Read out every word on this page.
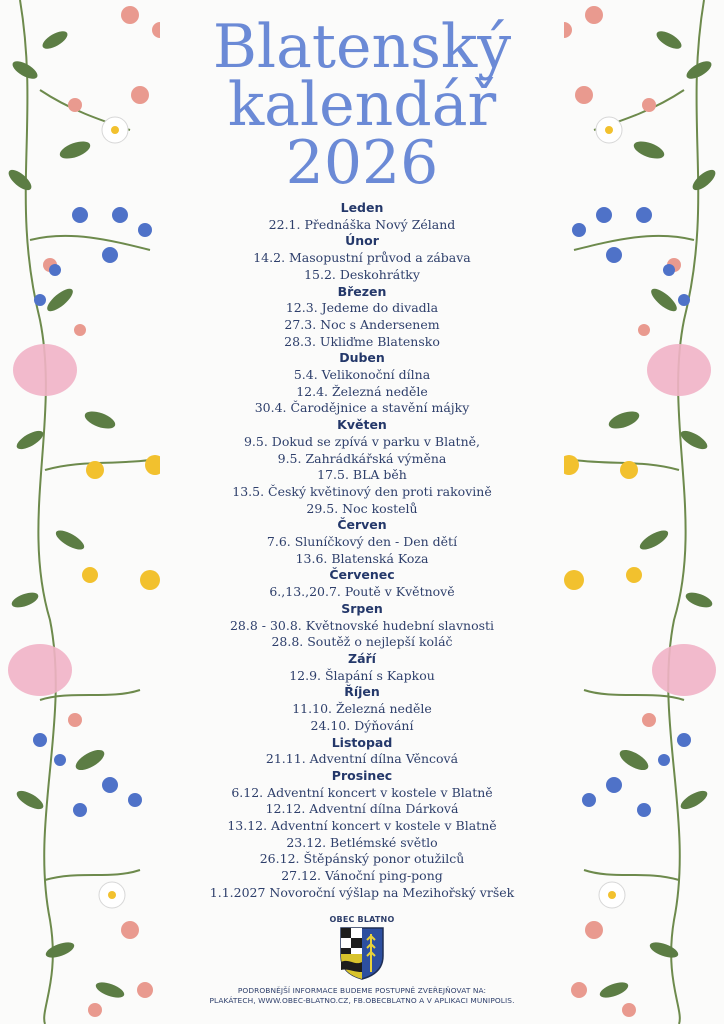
Blatenský
kalendář
2026
Leden
22.1. Přednáška Nový Zéland
Únor
14.2. Masopustní průvod a zábava
15.2. Deskohrátky
Březen
12.3. Jedeme do divadla
27.3. Noc s Andersenem
28.3. Ukliďme Blatensko
Duben
5.4. Velikonoční dílna
12.4. Železná neděle
30.4. Čarodějnice a stavění májky
Květen
9.5. Dokud se zpívá v parku v Blatně,
9.5. Zahrádkářská výměna
17.5. BLA běh
13.5. Český květinový den proti rakovině
29.5. Noc kostelů
Červen
7.6. Sluníčkový den - Den dětí
13.6. Blatenská Koza
Červenec
6.,13.,20.7. Poutě v Květnově
Srpen
28.8 - 30.8. Květnovské hudební slavnosti
28.8. Soutěž o nejlepší koláč
Září
12.9. Šlapání s Kapkou
Říjen
11.10. Železná neděle
24.10. Dýňování
Listopad
21.11. Adventní dílna Věncová
Prosinec
6.12. Adventní koncert v kostele v Blatně
12.12. Adventní dílna Dárková
13.12. Adventní koncert v kostele v Blatně
23.12. Betlémské světlo
26.12. Štěpánský ponor otužilců
27.12. Vánoční ping-pong
1.1.2027 Novoroční výšlap na Mezihořský vršek
OBEC BLATNO
PODROBNĚJŠÍ INFORMACE BUDEME POSTUPNĚ ZVEŘEJŇOVAT NA:
PLAKÁTECH, WWW.OBEC-BLATNO.CZ, FB.OBECBLATNO A V APLIKACI MUNIPOLIS.
